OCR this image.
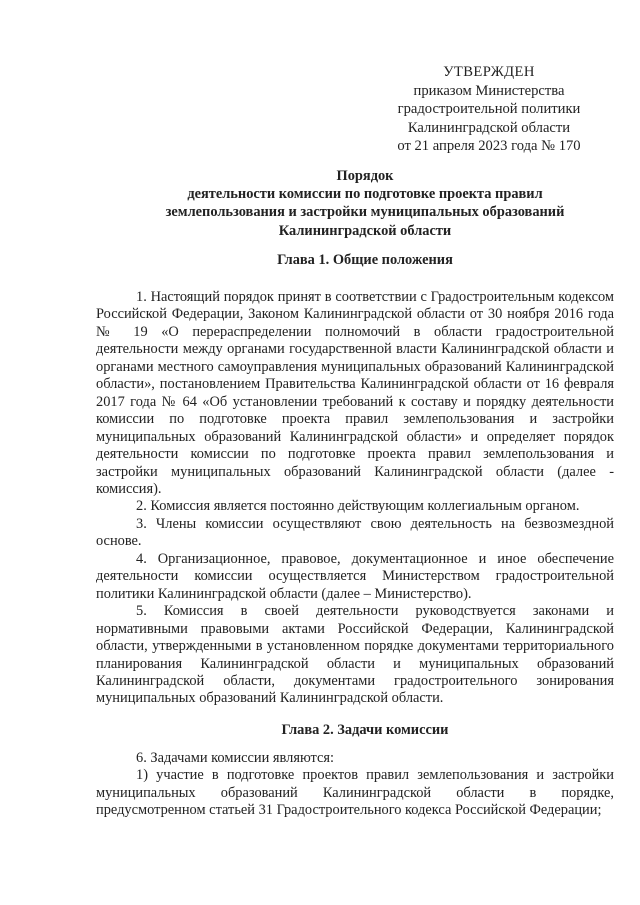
УТВЕРЖДЕН
приказом Министерства
градостроительной политики
Калининградской области
от 21 апреля 2023 года № 170
Порядок
деятельности комиссии по подготовке проекта правил
землепользования и застройки муниципальных образований
Калининградской области
Глава 1. Общие положения

1. Настоящий порядок принят в соответствии с Градостроительным кодексом Российской Федерации, Законом Калининградской области от 30 ноября 2016 года № 19 «О перераспределении полномочий в области градостроительной деятельности между органами государственной власти Калининградской области и органами местного самоуправления муниципальных образований Калининградской области», постановлением Правительства Калининградской области от 16 февраля 2017 года № 64 «Об установлении требований к составу и порядку деятельности комиссии по подготовке проекта правил землепользования и застройки муниципальных образований Калининградской области» и определяет порядок деятельности комиссии по подготовке проекта правил землепользования и застройки муниципальных образований Калининградской области (далее - комиссия).

2. Комиссия является постоянно действующим коллегиальным органом.

3. Члены комиссии осуществляют свою деятельность на безвозмездной основе.

4. Организационное, правовое, документационное и иное обеспечение деятельности комиссии осуществляется Министерством градостроительной политики Калининградской области (далее – Министерство).

5. Комиссия в своей деятельности руководствуется законами и нормативными правовыми актами Российской Федерации, Калининградской области, утвержденными в установленном порядке документами территориального планирования Калининградской области и муниципальных образований Калининградской области, документами градостроительного зонирования муниципальных образований Калининградской области.

Глава 2. Задачи комиссии

6. Задачами комиссии являются:

1) участие в подготовке проектов правил землепользования и застройки муниципальных образований Калининградской области в порядке, предусмотренном статьей 31 Градостроительного кодекса Российской Федерации;
